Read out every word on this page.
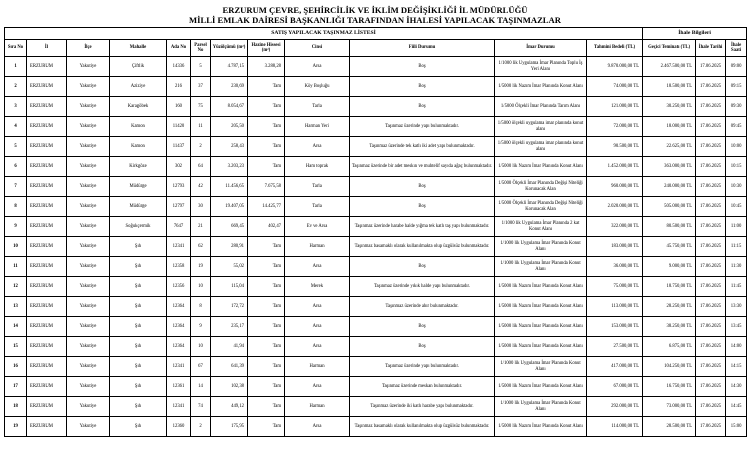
ERZURUM ÇEVRE, ŞEHİRCİLİK VE İKLİM DEĞİŞİKLİĞİ İL MÜDÜRLÜĞÜ
MİLLİ EMLAK DAİRESİ BAŞKANLIĞI TARAFINDAN İHALESİ YAPILACAK TAŞINMAZLAR
SATIŞ YAPILACAK TAŞINMAZ LİSTESİ												İhale Bilgileri		
Sıra No	İl	İlçe	Mahalle	Ada No	Parsel No	Yüzölçümü (m²)	Hazine Hissesi (m²)	Cinsi	Fiili Durumu	İmar Durumu	Tahmini Bedeli (TL)	Geçici Teminatı (TL)	İhale Tarihi	İhale Saati
1	ERZURUM	Yakutiye	Çiftlik	14336	5	4.787,15	3.288,28	Arsa	Boş	1/1000 lik Uygulama İmar Planında Toplu İş Yeri Alanı	9.870.000,00 TL	2.467.500,00 TL	17.06.2025	09:00
2	ERZURUM	Yakutiye	Aziziye	216	37	230,69	Tam	Köy Boşluğu	Boş	1/5000 lik Nazım İmar Planında Konut Alanı	74.000,00 TL	18.500,00 TL	17.06.2025	09:15
3	ERZURUM	Yakutiye	Karagöbek	160	75	8.054,67	Tam	Tarla	Boş	1/5000 Ölçekli İmar Planında Tarım Alanı	121.000,00 TL	30.250,00 TL	17.06.2025	09:30
4	ERZURUM	Yakutiye	Kamon	11420	11	205,50	Tam	Harman Yeri	Taşınmaz üzerinde yapı bulunmaktadır.	1/5000 ölçekli uygulama imar planında konut alanı	72.000,00 TL	18.000,00 TL	17.06.2025	09:45
5	ERZURUM	Yakutiye	Kamon	11437	2	258,43	Tam	Arsa	Taşınmaz üzerinde tek katlı iki adet yapı bulunmaktadır.	1/5000 ölçekli uygulama imar planında konut alanı	90.500,00 TL	22.625,00 TL	17.06.2025	10:00
6	ERZURUM	Yakutiye	Kirkgöze	302	64	3.203,23	Tam	Ham toprak	Taşınmaz üzerinde bir adet meskın ve muhtelif sayıda ağaç bulunmaktadır.	1/5000 lik Nazım İmar Planında Konut Alanı	1.452.000,00 TL	363.000,00 TL	17.06.2025	10:15
7	ERZURUM	Yakutiye	Müdürge	12793	42	11.456,65	7.675,58	Tarla	Boş	1/5000 Ölçekli İmar Planında Değişi Niteliği Korunacak Alan	960.000,00 TL	240.000,00 TL	17.06.2025	10:30
8	ERZURUM	Yakutiye	Müdürge	12797	30	19.407,05	14.425,77	Tarla	Boş	1/5000 Ölçekli İmar Planında Değişi Niteliği Korunacak Alan	2.020.000,00 TL	505.000,00 TL	17.06.2025	10:45
9	ERZURUM	Yakutiye	Soğukçermik	7647	21	669,45	402,47	Ev ve Arsa	Taşınmaz üzerinde harabe halde yığma tek katlı taş yapı bulunmaktadır.	1/1000 lik Uygulama İmar Planında 2 kat Konut Alanı	322.000,00 TL	80.500,00 TL	17.06.2025	11:00
10	ERZURUM	Yakutiye	Şıh	12341	62	280,91	Tam	Harman	Taşınmaz basamaklı olarak kullanılmakta olup üzgülsüz bulunmaktadır.	1/1000 lik Uygulama İmar Planında Konut Alanı	183.000,00 TL	45.750,00 TL	17.06.2025	11:15
11	ERZURUM	Yakutiye	Şıh	12358	19	55,02	Tam	Arsa	Boş	1/1000 lik Uygulama İmar Planında Konut Alanı	36.000,00 TL	9.000,00 TL	17.06.2025	11:30
12	ERZURUM	Yakutiye	Şıh	12356	10	115,04	Tam	Merek	Taşınmaz üzerinde yıkık halde yapı bulunmaktadır.	1/5000 lik Nazım İmar Planında Konut Alanı	75.000,00 TL	18.750,00 TL	17.06.2025	11:45
13	ERZURUM	Yakutiye	Şıh	12364	8	172,72	Tam	Arsa	Taşınmaz üzerinde ahır bulunmaktadır.	1/5000 lik Nazım İmar Planında Konut Alanı	113.000,00 TL	28.250,00 TL	17.06.2025	13:30
14	ERZURUM	Yakutiye	Şıh	12364	9	235,17	Tam	Arsa	Boş	1/5000 lik Nazım İmar Planında Konut Alanı	153.000,00 TL	38.250,00 TL	17.06.2025	13:45
15	ERZURUM	Yakutiye	Şıh	12364	10	41,94	Tam	Arsa	Boş	1/5000 lik Nazım İmar Planında Konut Alanı	27.500,00 TL	6.875,00 TL	17.06.2025	14:00
16	ERZURUM	Yakutiye	Şıh	12341	67	641,39	Tam	Harman	Taşınmaz üzerinde yapı bulunmaktadır.	1/1000 lik Uygulama İmar Planında Konut Alanı	417.000,00 TL	104.250,00 TL	17.06.2025	14:15
17	ERZURUM	Yakutiye	Şıh	12361	14	102,38	Tam	Arsa	Taşınmaz üzerinde meskan bulunmaktadır.	1/5000 lik Nazım İmar Planında Konut Alanı	67.000,00 TL	16.750,00 TL	17.06.2025	14:30
18	ERZURUM	Yakutiye	Şıh	12341	74	449,12	Tam	Harman	Taşınmaz üzerinde iki katlı harabe yapı bulunmaktadır.	1/1000 lik Uygulama İmar Planında Konut Alanı	292.000,00 TL	73.000,00 TL	17.06.2025	14:45
19	ERZURUM	Yakutiye	Şıh	12360	2	175,95	Tam	Arsa	Taşınmaz basamaklı olarak kullanılmakta olup üzgülsüz bulunmaktadır.	1/5000 lik Nazım İmar Planında Konut Alanı	114.000,00 TL	28.500,00 TL	17.06.2025	15:00
